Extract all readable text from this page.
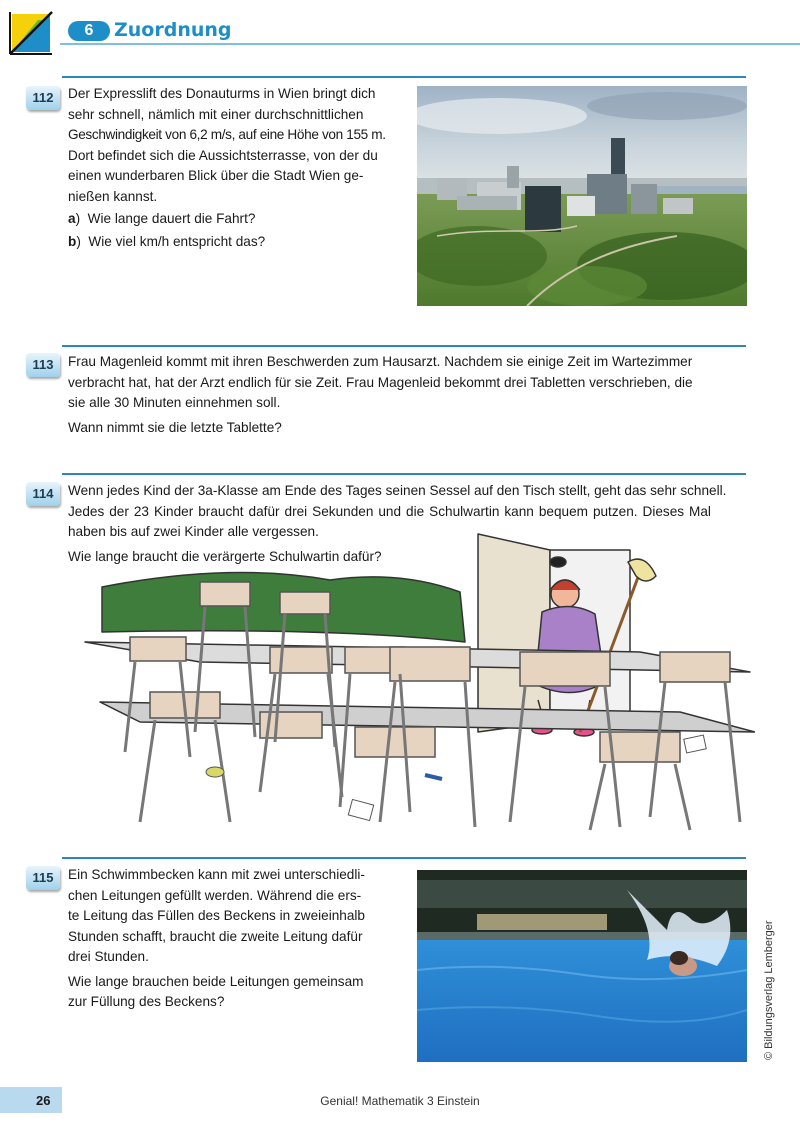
6	Zuordnung
112	Der Expresslift des Donauturms in Wien bringt dich
sehr schnell, nämlich mit einer durchschnittlichen
Geschwindigkeit von 6,2 m/s, auf eine Höhe von 155 m.
Dort befindet sich die Aussichtsterrasse, von der du
einen wunderbaren Blick über die Stadt Wien ge-
nießen kannst.
a)  Wie lange dauert die Fahrt?
b)  Wie viel km/h entspricht das?
113	Frau Magenleid kommt mit ihren Beschwerden zum Hausarzt. Nachdem sie einige Zeit im Wartezimmer
verbracht hat, hat der Arzt endlich für sie Zeit. Frau Magenleid bekommt drei Tabletten verschrieben, die
sie alle 30 Minuten einnehmen soll.
Wann nimmt sie die letzte Tablette?
114	Wenn jedes Kind der 3a-Klasse am Ende des Tages seinen Sessel auf den Tisch stellt, geht das sehr schnell.
Jedes der 23 Kinder braucht dafür drei Sekunden und die Schulwartin kann bequem putzen. Dieses Mal
haben bis auf zwei Kinder alle vergessen.
Wie lange braucht die verärgerte Schulwartin dafür?
115	Ein Schwimmbecken kann mit zwei unterschiedli-
chen Leitungen gefüllt werden. Während die ers-
te Leitung das Füllen des Beckens in zweieinhalb
Stunden schafft, braucht die zweite Leitung dafür
drei Stunden.
Wie lange brauchen beide Leitungen gemeinsam
zur Füllung des Beckens?
26	Genial! Mathematik 3 Einstein
© Bildungsverlag Lemberger
